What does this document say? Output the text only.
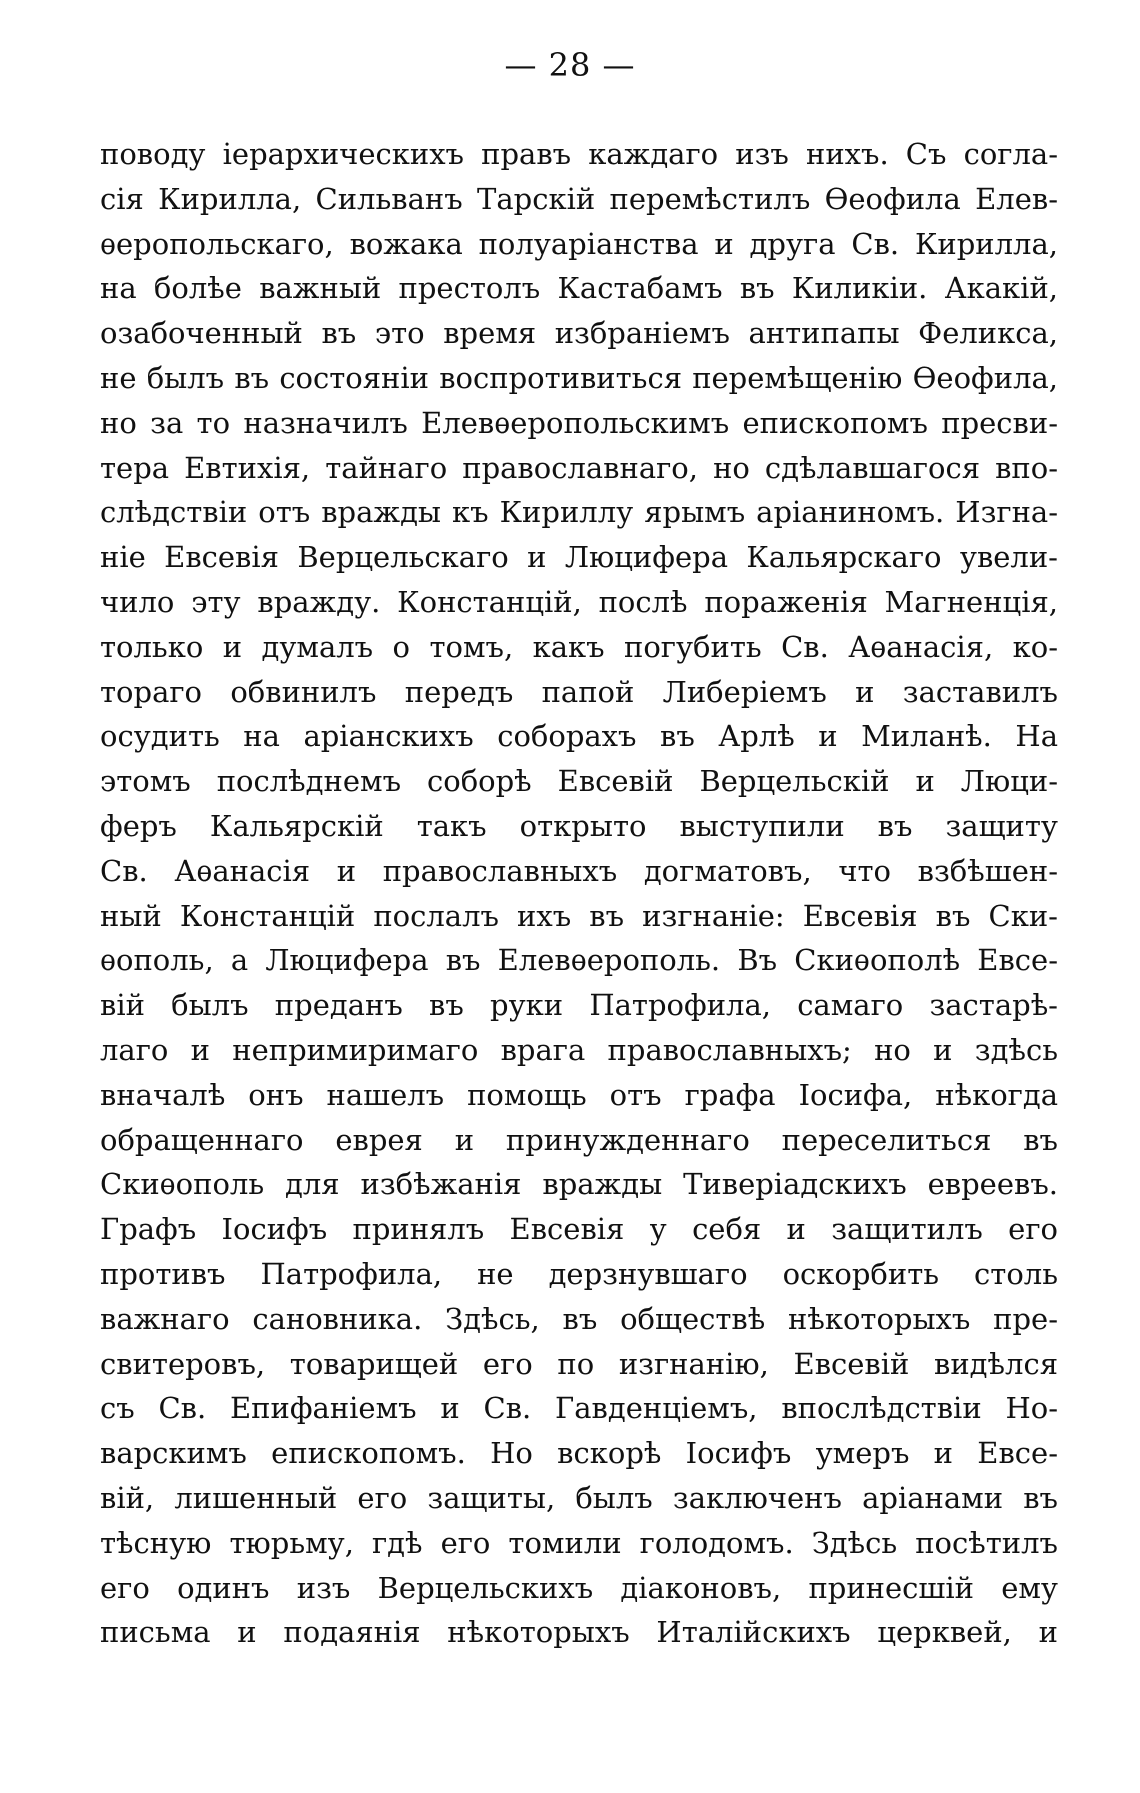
— 28 —
поводу іерархическихъ правъ каждаго изъ нихъ. Съ согла-
сія Кирилла, Сильванъ Тарскій перемѣстилъ Ѳеофила Елев-
ѳеропольскаго, вожака полуаріанства и друга Св. Кирилла,
на болѣе важный престолъ Кастабамъ въ Киликіи. Акакій,
озабоченный въ это время избраніемъ антипапы Феликса,
не былъ въ состояніи воспротивиться перемѣщенію Ѳеофила,
но за то назначилъ Елевѳеропольскимъ епископомъ пресви-
тера Евтихія, тайнаго православнаго, но сдѣлавшагося впо-
слѣдствіи отъ вражды къ Кириллу ярымъ аріаниномъ. Изгна-
ніе Евсевія Верцельскаго и Люцифера Кальярскаго увели-
чило эту вражду. Констанцій, послѣ пораженія Магненція,
только и думалъ о томъ, какъ погубить Св. Аѳанасія, ко-
тораго обвинилъ передъ папой Либеріемъ и заставилъ
осудить на аріанскихъ соборахъ въ Арлѣ и Миланѣ. На
этомъ послѣднемъ соборѣ Евсевій Верцельскій и Люци-
феръ Кальярскій такъ открыто выступили въ защиту
Св. Аѳанасія и православныхъ догматовъ, что взбѣшен-
ный Констанцій послалъ ихъ въ изгнаніе: Евсевія въ Ски-
ѳополь, а Люцифера въ Елевѳерополь. Въ Скиѳополѣ Евсе-
вій былъ преданъ въ руки Патрофила, самаго застарѣ-
лаго и непримиримаго врага православныхъ; но и здѣсь
вначалѣ онъ нашелъ помощь отъ графа Іосифа, нѣкогда
обращеннаго еврея и принужденнаго переселиться въ
Скиѳополь для избѣжанія вражды Тиверіадскихъ евреевъ.
Графъ Іосифъ принялъ Евсевія у себя и защитилъ его
противъ Патрофила, не дерзнувшаго оскорбить столь
важнаго сановника. Здѣсь, въ обществѣ нѣкоторыхъ пре-
свитеровъ, товарищей его по изгнанію, Евсевій видѣлся
съ Св. Епифаніемъ и Св. Гавденціемъ, впослѣдствіи Но-
варскимъ епископомъ. Но вскорѣ Іосифъ умеръ и Евсе-
вій, лишенный его защиты, былъ заключенъ аріанами въ
тѣсную тюрьму, гдѣ его томили голодомъ. Здѣсь посѣтилъ
его одинъ изъ Верцельскихъ діаконовъ, принесшій ему
письма и подаянія нѣкоторыхъ Италійскихъ церквей, и
